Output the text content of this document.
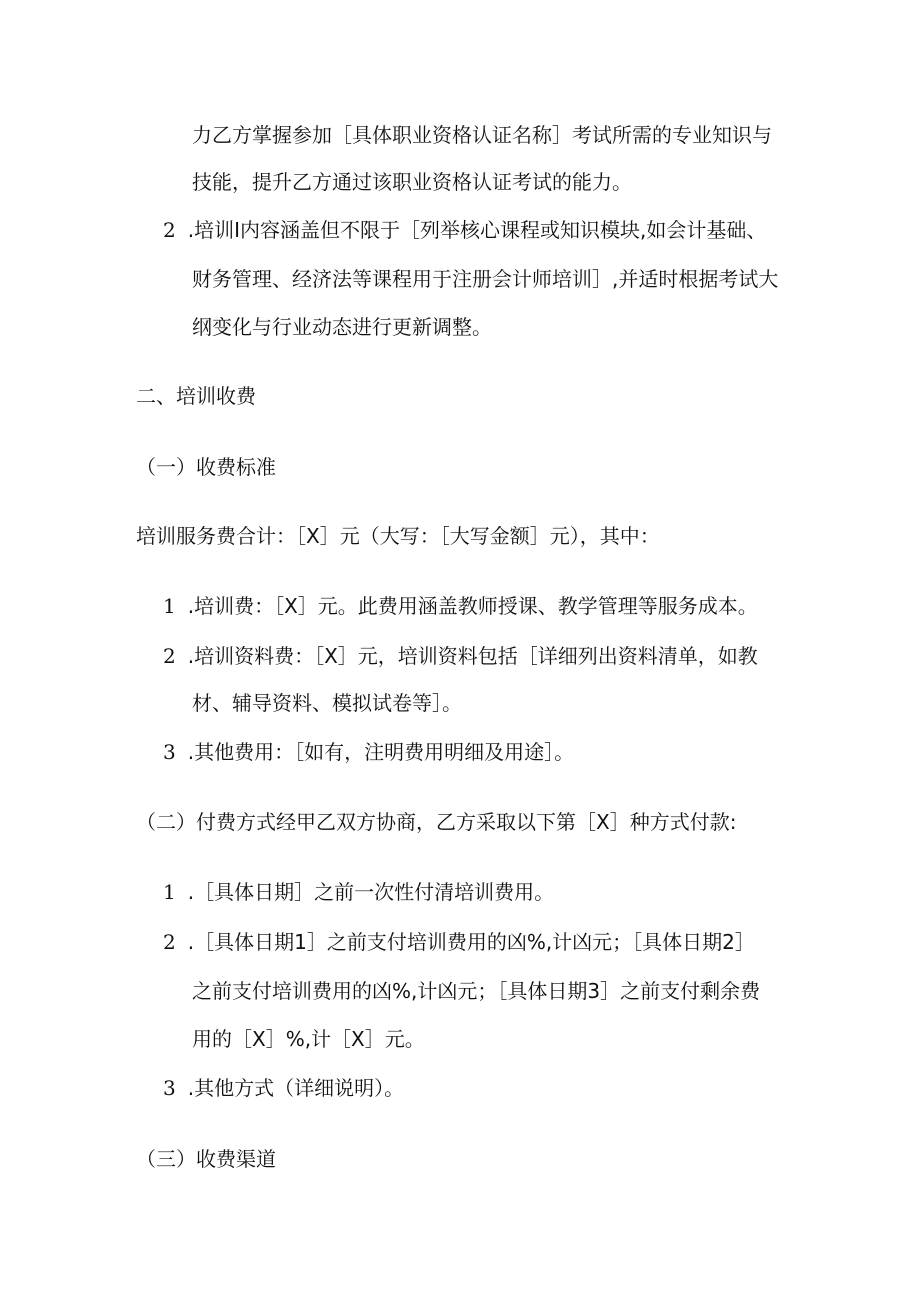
力乙方掌握参加［具体职业资格认证名称］考试所需的专业知识与
技能，提升乙方通过该职业资格认证考试的能力。
2 .培训I内容涵盖但不限于［列举核心课程或知识模块,如会计基础、
财务管理、经济法等课程用于注册会计师培训］,并适时根据考试大
纲变化与行业动态进行更新调整。
二、培训收费
（一）收费标准
培训服务费合计：［X］元（大写：［大写金额］元），其中：
1 .培训费：［X］元。此费用涵盖教师授课、教学管理等服务成本。
2 .培训资料费：［X］元，培训资料包括［详细列出资料清单，如教
材、辅导资料、模拟试卷等］。
3 .其他费用：［如有，注明费用明细及用途］。
（二）付费方式经甲乙双方协商，乙方采取以下第［X］种方式付款:
1 .［具体日期］之前一次性付清培训费用。
2 .［具体日期1］之前支付培训费用的凶%,计凶元；［具体日期2］
之前支付培训费用的凶%,计凶元；［具体日期3］之前支付剩余费
用的［X］%,计［X］元。
3 .其他方式（详细说明）。
（三）收费渠道
